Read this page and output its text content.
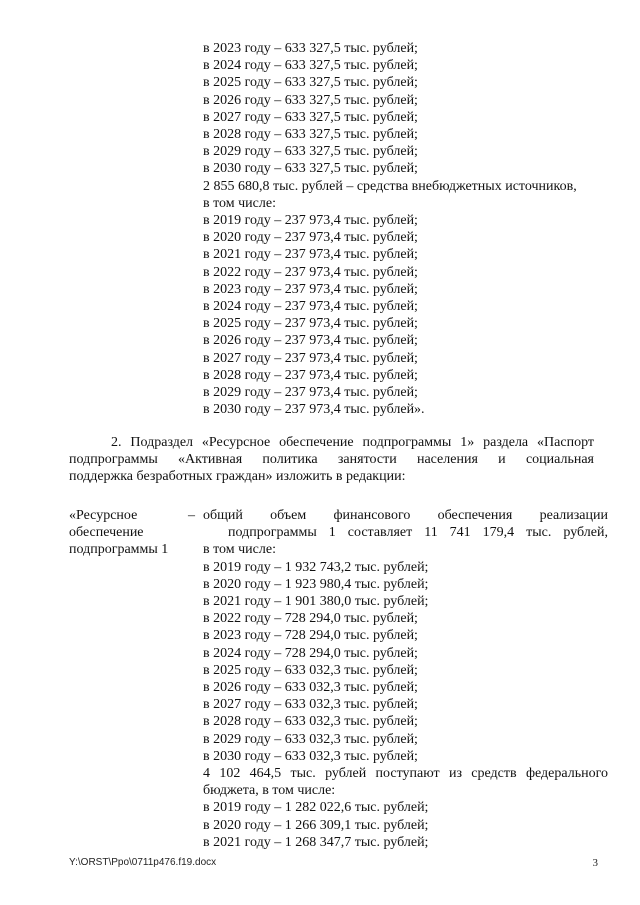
в 2023 году – 633 327,5 тыс. рублей;
в 2024 году – 633 327,5 тыс. рублей;
в 2025 году – 633 327,5 тыс. рублей;
в 2026 году – 633 327,5 тыс. рублей;
в 2027 году – 633 327,5 тыс. рублей;
в 2028 году – 633 327,5 тыс. рублей;
в 2029 году – 633 327,5 тыс. рублей;
в 2030 году – 633 327,5 тыс. рублей;
2 855 680,8 тыс. рублей – средства внебюджетных источников,
в том числе:
в 2019 году – 237 973,4 тыс. рублей;
в 2020 году – 237 973,4 тыс. рублей;
в 2021 году – 237 973,4 тыс. рублей;
в 2022 году – 237 973,4 тыс. рублей;
в 2023 году – 237 973,4 тыс. рублей;
в 2024 году – 237 973,4 тыс. рублей;
в 2025 году – 237 973,4 тыс. рублей;
в 2026 году – 237 973,4 тыс. рублей;
в 2027 году – 237 973,4 тыс. рублей;
в 2028 году – 237 973,4 тыс. рублей;
в 2029 году – 237 973,4 тыс. рублей;
в 2030 году – 237 973,4 тыс. рублей».
2. Подраздел «Ресурсное обеспечение подпрограммы 1» раздела «Паспорт
подпрограммы «Активная политика занятости населения и социальная
поддержка безработных граждан» изложить в редакции:
«Ресурсное
обеспечение
подпрограммы 1
– общий объем финансового обеспечения реализации
подпрограммы 1 составляет 11 741 179,4 тыс. рублей,
в том числе:
в 2019 году – 1 932 743,2 тыс. рублей;
в 2020 году – 1 923 980,4 тыс. рублей;
в 2021 году – 1 901 380,0 тыс. рублей;
в 2022 году – 728 294,0 тыс. рублей;
в 2023 году – 728 294,0 тыс. рублей;
в 2024 году – 728 294,0 тыс. рублей;
в 2025 году – 633 032,3 тыс. рублей;
в 2026 году – 633 032,3 тыс. рублей;
в 2027 году – 633 032,3 тыс. рублей;
в 2028 году – 633 032,3 тыс. рублей;
в 2029 году – 633 032,3 тыс. рублей;
в 2030 году – 633 032,3 тыс. рублей;
4 102 464,5 тыс. рублей поступают из средств федерального
бюджета, в том числе:
в 2019 году – 1 282 022,6 тыс. рублей;
в 2020 году – 1 266 309,1 тыс. рублей;
в 2021 году – 1 268 347,7 тыс. рублей;
Y:\ORST\Ppo\0711p476.f19.docx	3
